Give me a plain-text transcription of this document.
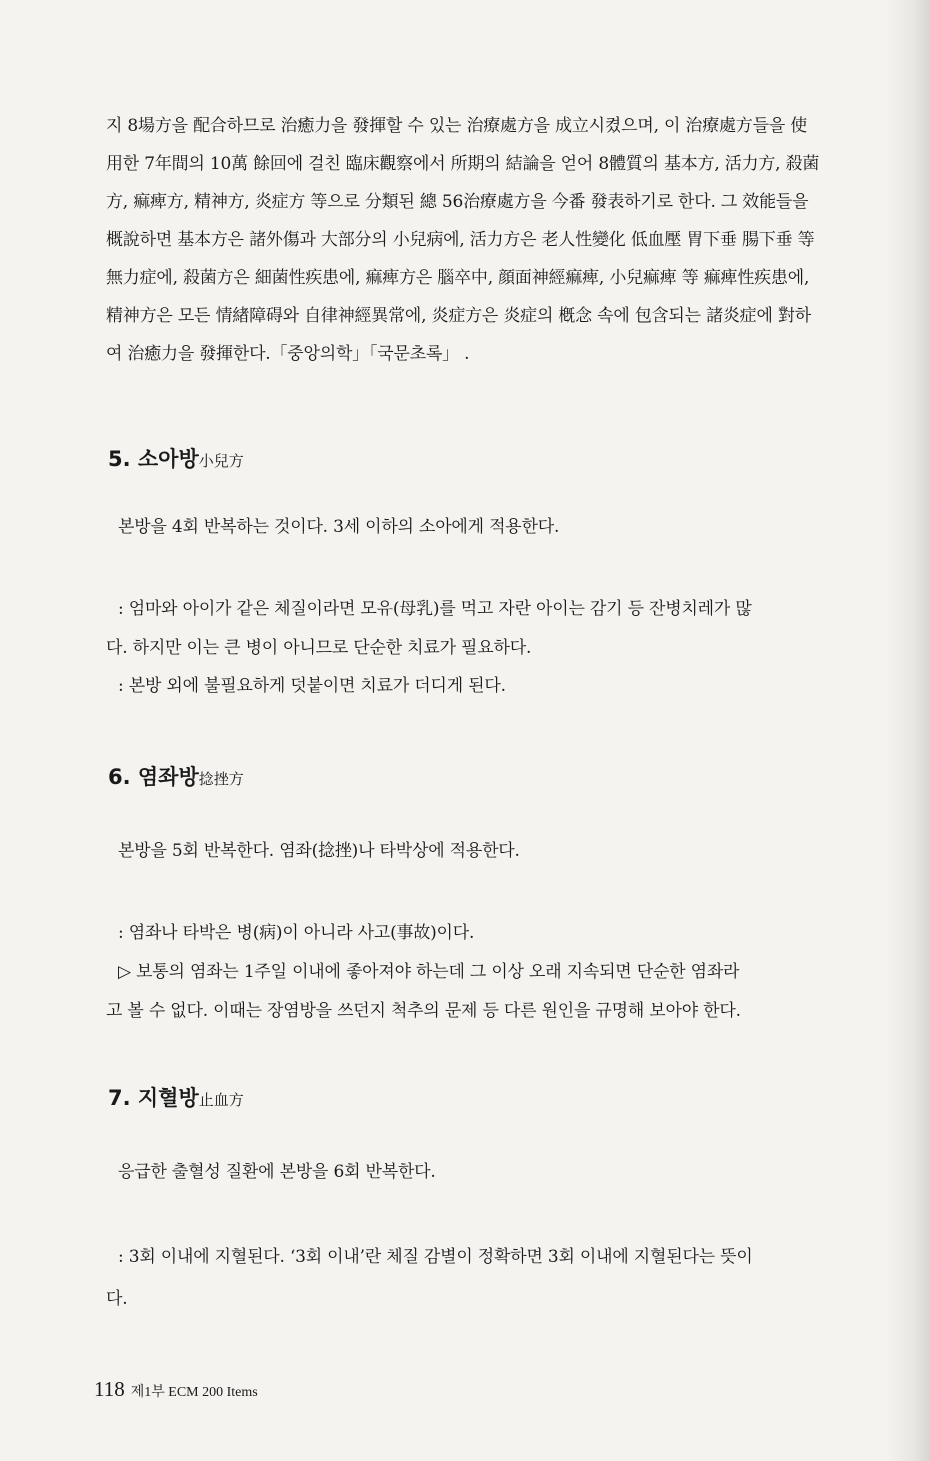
지 8場方을 配合하므로 治癒力을 發揮할 수 있는 治療處方을 成立시켰으며, 이 治療處方들을 使
用한 7年間의 10萬 餘回에 걸친 臨床觀察에서 所期의 結論을 얻어 8體質의 基本方, 活力方, 殺菌
方, 痲痺方, 精神方, 炎症方 等으로 分類된 總 56治療處方을 今番 發表하기로 한다. 그 效能들을
概說하면 基本方은 諸外傷과 大部分의 小兒病에, 活力方은 老人性變化 低血壓 胃下垂 腸下垂 等
無力症에, 殺菌方은 細菌性疾患에, 痲痺方은 腦卒中, 顔面神經痲痺, 小兒痲痺 等 痲痺性疾患에,
精神方은 모든 情緖障碍와 自律神經異常에, 炎症方은 炎症의 槪念 속에 包含되는 諸炎症에 對하
여 治癒力을 發揮한다.「중앙의학」「국문초록」 .
5. 소아방小兒方
본방을 4회 반복하는 것이다. 3세 이하의 소아에게 적용한다.
: 엄마와 아이가 같은 체질이라면 모유(母乳)를 먹고 자란 아이는 감기 등 잔병치레가 많
다. 하지만 이는 큰 병이 아니므로 단순한 치료가 필요하다.
: 본방 외에 불필요하게 덧붙이면 치료가 더디게 된다.
6. 염좌방捻挫方
본방을 5회 반복한다. 염좌(捻挫)나 타박상에 적용한다.
: 염좌나 타박은 병(病)이 아니라 사고(事故)이다.
▷ 보통의 염좌는 1주일 이내에 좋아져야 하는데 그 이상 오래 지속되면 단순한 염좌라
고 볼 수 없다. 이때는 장염방을 쓰던지 척추의 문제 등 다른 원인을 규명해 보아야 한다.
7. 지혈방止血方
응급한 출혈성 질환에 본방을 6회 반복한다.
: 3회 이내에 지혈된다. ‘3회 이내’란 체질 감별이 정확하면 3회 이내에 지혈된다는 뜻이
다.
118 제1부 ECM 200 Items
